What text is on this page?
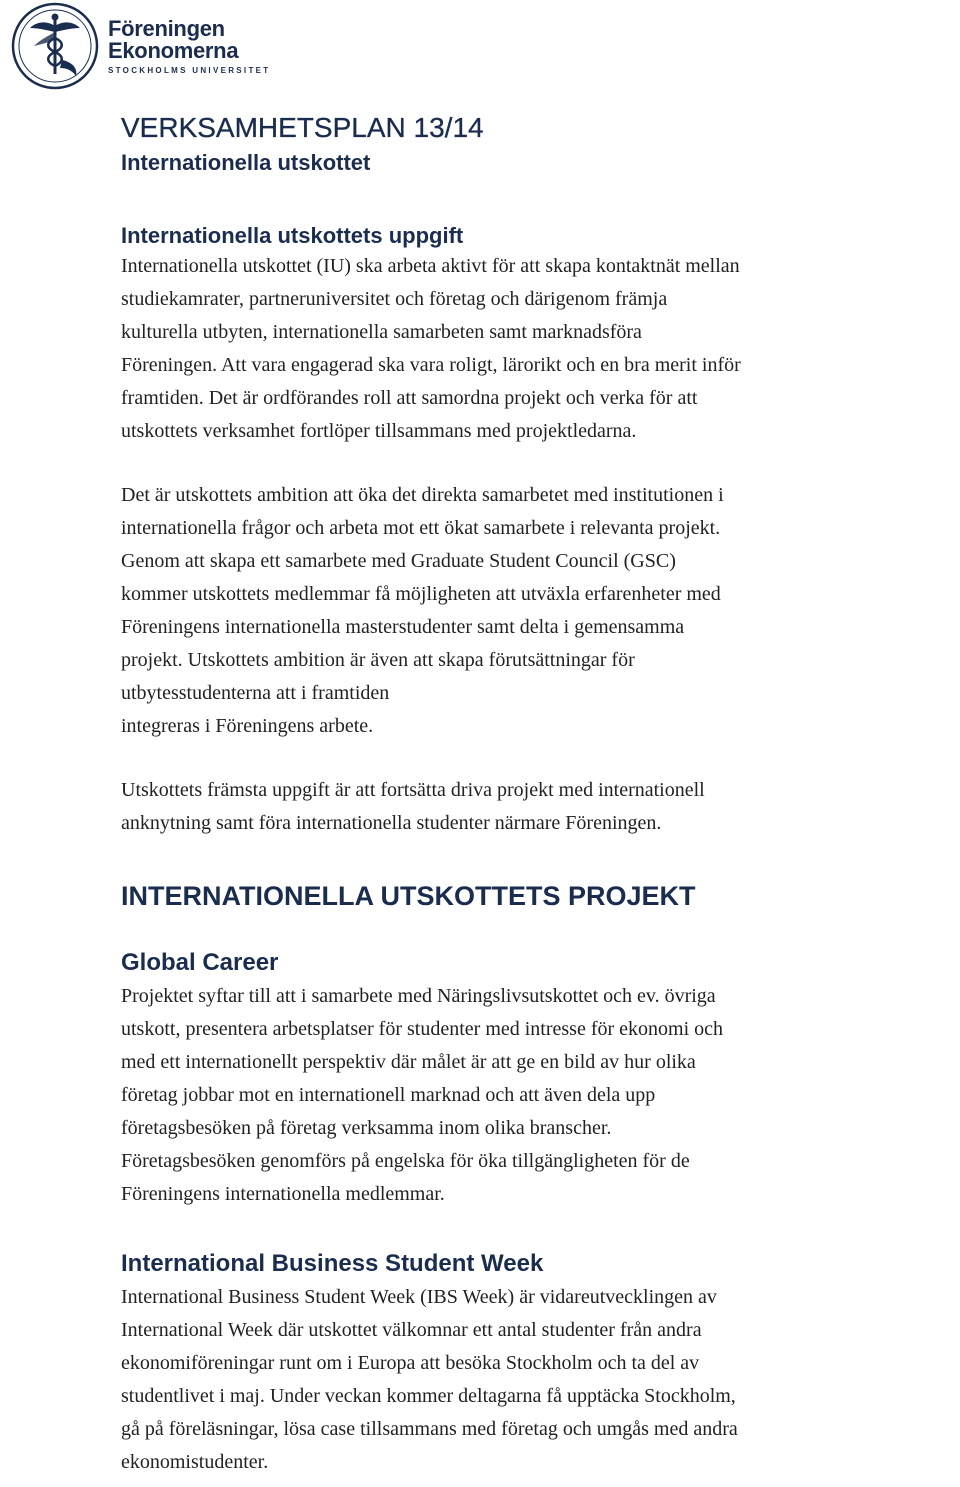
Föreningen
Ekonomerna
STOCKHOLMS UNIVERSITET
VERKSAMHETSPLAN 13/14
Internationella utskottet
Internationella utskottets uppgift

Internationella utskottet (IU) ska arbeta aktivt för att skapa kontaktnät mellan
studiekamrater, partneruniversitet och företag och därigenom främja
kulturella utbyten, internationella samarbeten samt marknadsföra
Föreningen. Att vara engagerad ska vara roligt, lärorikt och en bra merit inför
framtiden. Det är ordförandes roll att samordna projekt och verka för att
utskottets verksamhet fortlöper tillsammans med projektledarna.

Det är utskottets ambition att öka det direkta samarbetet med institutionen i
internationella frågor och arbeta mot ett ökat samarbete i relevanta projekt.
Genom att skapa ett samarbete med Graduate Student Council (GSC)
kommer utskottets medlemmar få möjligheten att utväxla erfarenheter med
Föreningens internationella masterstudenter samt delta i gemensamma
projekt. Utskottets ambition är även att skapa förutsättningar för
utbytesstudenterna att i framtiden
integreras i Föreningens arbete.

Utskottets främsta uppgift är att fortsätta driva projekt med internationell
anknytning samt föra internationella studenter närmare Föreningen.

INTERNATIONELLA UTSKOTTETS PROJEKT
Global Career

Projektet syftar till att i samarbete med Näringslivsutskottet och ev. övriga
utskott, presentera arbetsplatser för studenter med intresse för ekonomi och
med ett internationellt perspektiv där målet är att ge en bild av hur olika
företag jobbar mot en internationell marknad och att även dela upp
företagsbesöken på företag verksamma inom olika branscher.
Företagsbesöken genomförs på engelska för öka tillgängligheten för de
Föreningens internationella medlemmar.

International Business Student Week

International Business Student Week (IBS Week) är vidareutvecklingen av
International Week där utskottet välkomnar ett antal studenter från andra
ekonomiföreningar runt om i Europa att besöka Stockholm och ta del av
studentlivet i maj. Under veckan kommer deltagarna få upptäcka Stockholm,
gå på föreläsningar, lösa case tillsammans med företag och umgås med andra
ekonomistudenter.
